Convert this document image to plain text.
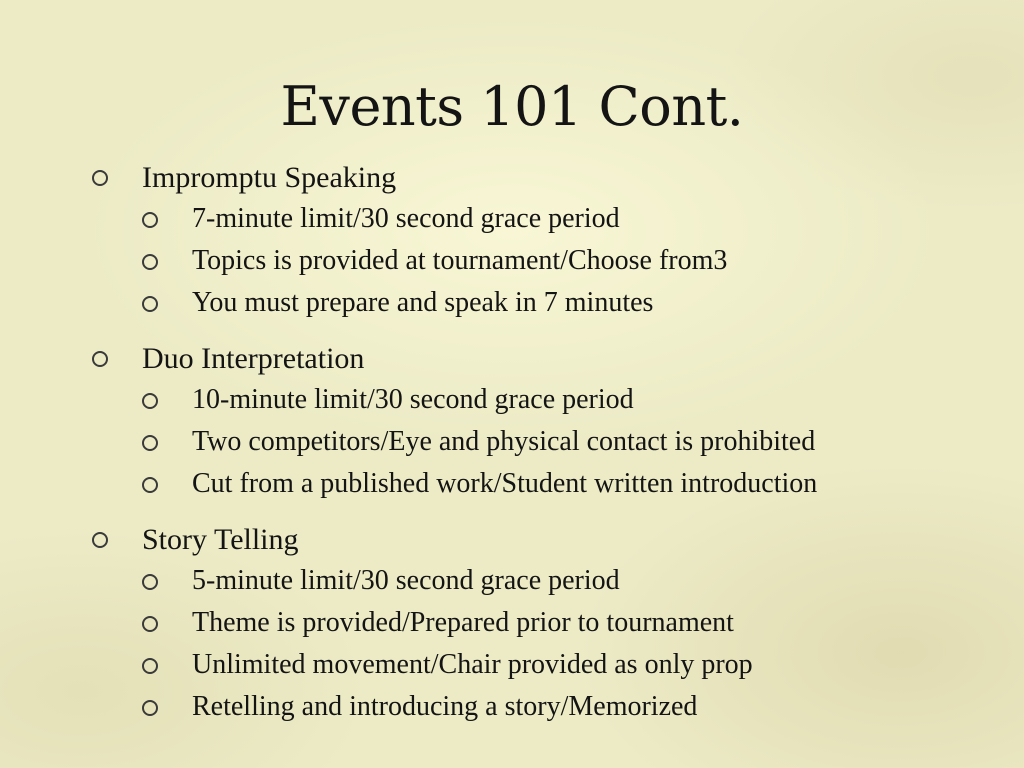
Events 101 Cont.
Impromptu Speaking
7-minute limit/30 second grace period
Topics is provided at tournament/Choose from3
You must prepare and speak in 7 minutes
Duo Interpretation
10-minute limit/30 second grace period
Two competitors/Eye and physical contact is prohibited
Cut from a published work/Student written introduction
Story Telling
5-minute limit/30 second grace period
Theme is provided/Prepared prior to tournament
Unlimited movement/Chair provided as only prop
Retelling and introducing a story/Memorized
